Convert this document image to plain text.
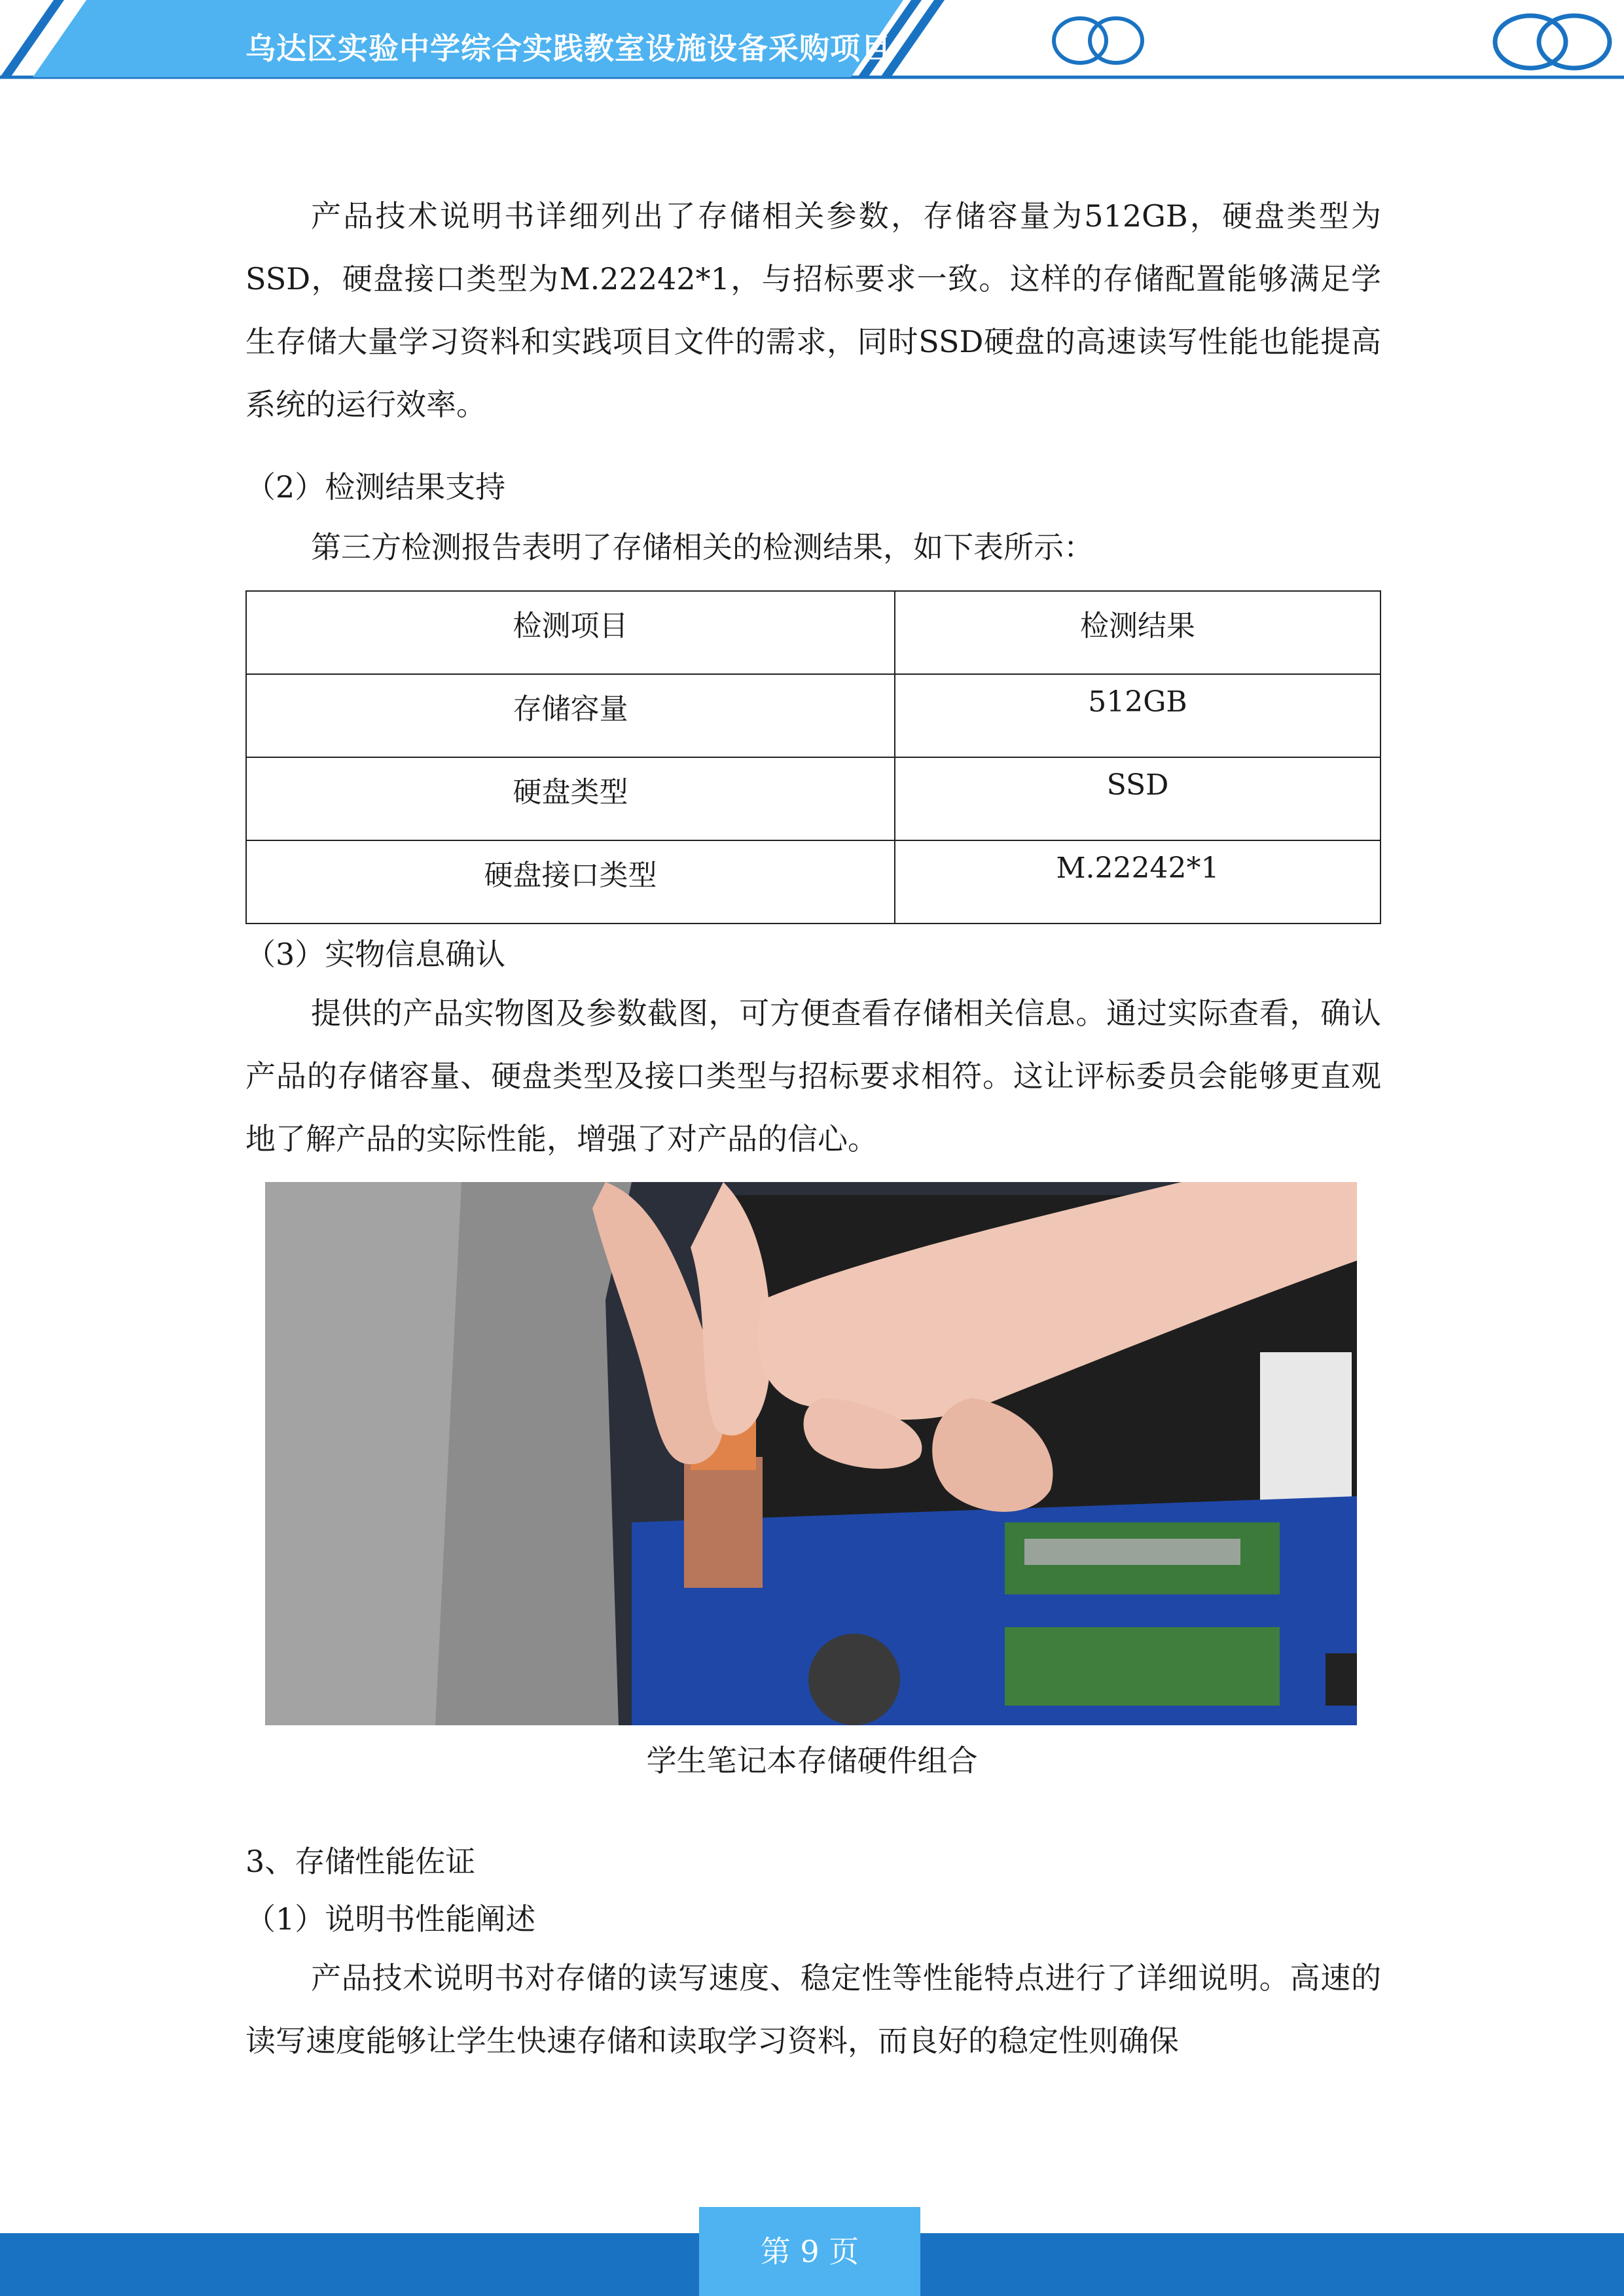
乌达区实验中学综合实践教室设施设备采购项目

产品技术说明书详细列出了存储相关参数，存储容量为512GB，硬盘类型为SSD，硬盘接口类型为M.22242*1，与招标要求一致。这样的存储配置能够满足学生存储大量学习资料和实践项目文件的需求，同时SSD硬盘的高速读写性能也能提高系统的运行效率。

（2）检测结果支持

第三方检测报告表明了存储相关的检测结果，如下表所示：

检测项目	检测结果
存储容量	512GB
硬盘类型	SSD
硬盘接口类型	M.22242*1

（3）实物信息确认

提供的产品实物图及参数截图，可方便查看存储相关信息。通过实际查看，确认产品的存储容量、硬盘类型及接口类型与招标要求相符。这让评标委员会能够更直观地了解产品的实际性能，增强了对产品的信心。

3、存储性能佐证

（1）说明书性能阐述

产品技术说明书对存储的读写速度、稳定性等性能特点进行了详细说明。高速的读写速度能够让学生快速存储和读取学习资料，而良好的稳定性则确保

学生笔记本存储硬件组合
第 9 页
